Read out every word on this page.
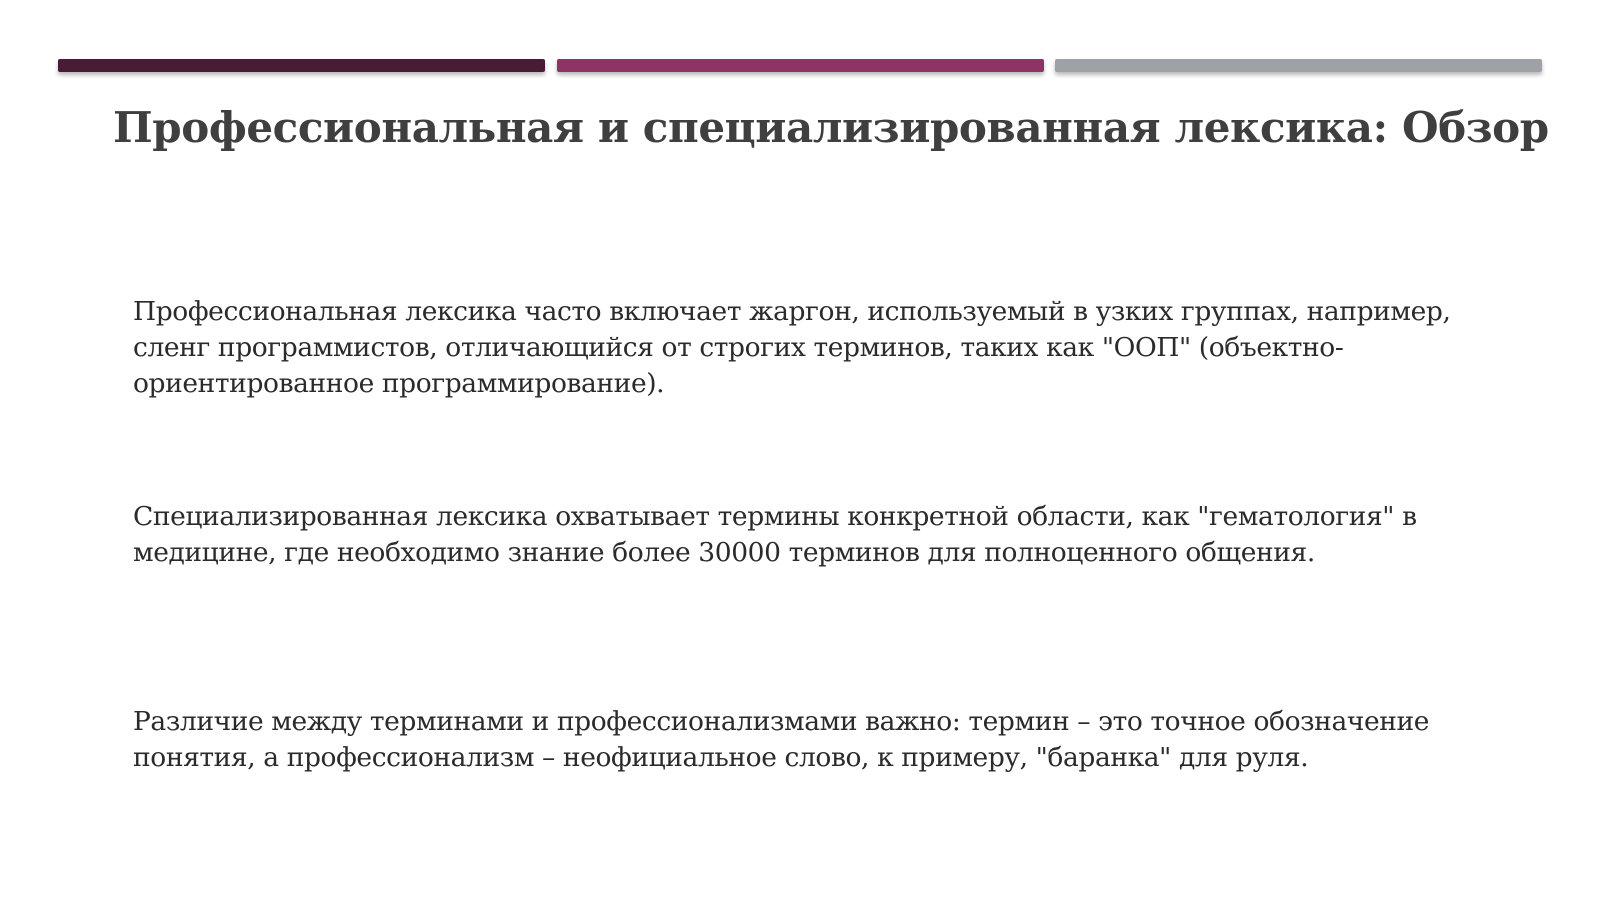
Профессиональная и специализированная лексика: Обзор

Профессиональная лексика часто включает жаргон, используемый в узких группах, например, сленг программистов, отличающийся от строгих терминов, таких как "ООП" (объектно-ориентированное программирование).

Специализированная лексика охватывает термины конкретной области, как "гематология" в медицине, где необходимо знание более 30000 терминов для полноценного общения.

Различие между терминами и профессионализмами важно: термин – это точное обозначение понятия, а профессионализм – неофициальное слово, к примеру, "баранка" для руля.
